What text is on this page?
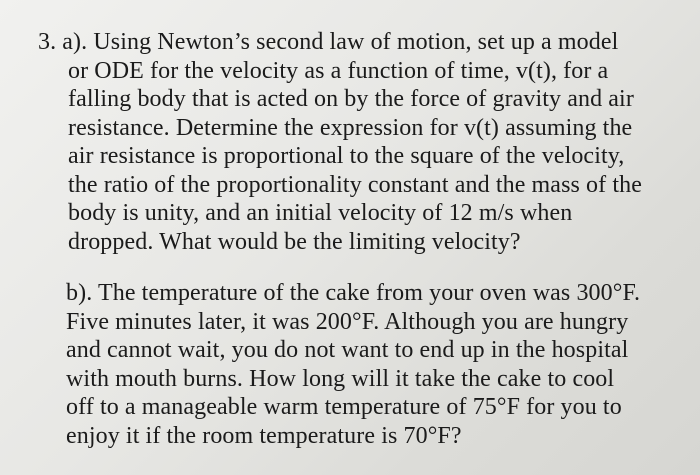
3. a). Using Newton’s second law of motion, set up a model
or ODE for the velocity as a function of time, v(t), for a
falling body that is acted on by the force of gravity and air
resistance. Determine the expression for v(t) assuming the
air resistance is proportional to the square of the velocity,
the ratio of the proportionality constant and the mass of the
body is unity, and an initial velocity of 12 m/s when
dropped. What would be the limiting velocity?
b). The temperature of the cake from your oven was 300°F.
Five minutes later, it was 200°F. Although you are hungry
and cannot wait, you do not want to end up in the hospital
with mouth burns. How long will it take the cake to cool
off to a manageable warm temperature of 75°F for you to
enjoy it if the room temperature is 70°F?
